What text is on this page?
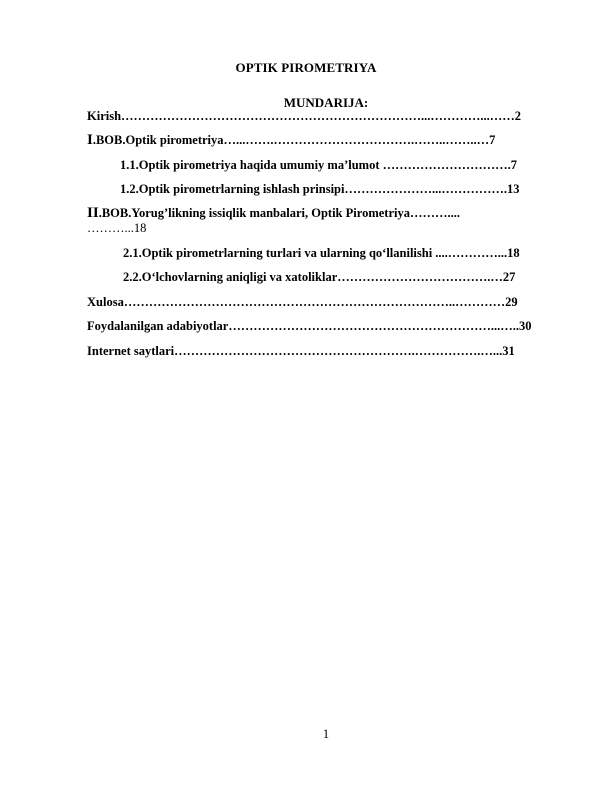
OPTIK PIROMETRIYA
MUNDARIJA:
Kirish………………………………………………………………...…………...……2
I.BOB.Optik pirometriya…...…….…………………………….……..……..…7
1.1.Optik pirometriya haqida umumiy ma’lumot ………………………….7
1.2.Optik pirometrlarning ishlash prinsipi…………………...…………….13
II.BOB.Yorug’likning issiqlik manbalari, Optik Pirometriya………....
………...18
2.1.Optik pirometrlarning turlari va ularning qo‘llanilishi ....…………...18
2.2.O‘lchovlarning aniqligi va xatoliklar……………………………….…27
Xulosa……………………………………………………………………..…………29
Foydalanilgan adabiyotlar………………………………………………………...…..30
Internet saytlari………………………………………………….…………….…...31
1
